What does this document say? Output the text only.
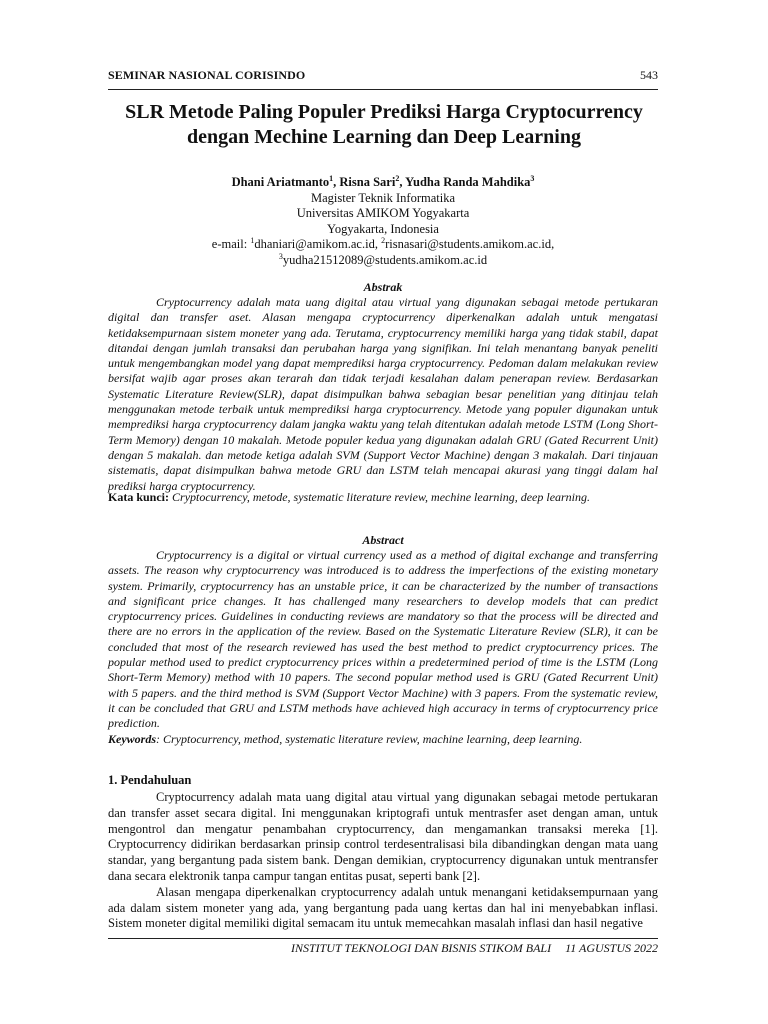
SEMINAR NASIONAL CORISINDO	543
SLR Metode Paling Populer Prediksi Harga Cryptocurrency
dengan Mechine Learning dan Deep Learning
Dhani Ariatmanto$^1$, Risna Sari$^2$, Yudha Randa Mahdika$^3$
Magister Teknik Informatika
Universitas AMIKOM Yogyakarta
Yogyakarta, Indonesia
e-mail: $^1$dhaniari@amikom.ac.id, $^2$risnasari@students.amikom.ac.id,
$^3$yudha21512089@students.amikom.ac.id
Abstrak

Cryptocurrency adalah mata uang digital atau virtual yang digunakan sebagai metode pertukaran digital dan transfer aset. Alasan mengapa cryptocurrency diperkenalkan adalah untuk mengatasi ketidaksempurnaan sistem moneter yang ada. Terutama, cryptocurrency memiliki harga yang tidak stabil, dapat ditandai dengan jumlah transaksi dan perubahan harga yang signifikan. Ini telah menantang banyak peneliti untuk mengembangkan model yang dapat memprediksi harga cryptocurrency. Pedoman dalam melakukan review bersifat wajib agar proses akan terarah dan tidak terjadi kesalahan dalam penerapan review. Berdasarkan Systematic Literature Review(SLR), dapat disimpulkan bahwa sebagian besar penelitian yang ditinjau telah menggunakan metode terbaik untuk memprediksi harga cryptocurrency. Metode yang populer digunakan untuk memprediksi harga cryptocurrency dalam jangka waktu yang telah ditentukan adalah metode LSTM (Long Short-Term Memory) dengan 10 makalah. Metode populer kedua yang digunakan adalah GRU (Gated Recurrent Unit) dengan 5 makalah. dan metode ketiga adalah SVM (Support Vector Machine) dengan 3 makalah. Dari tinjauan sistematis, dapat disimpulkan bahwa metode GRU dan LSTM telah mencapai akurasi yang tinggi dalam hal prediksi harga cryptocurrency.

Kata kunci: Cryptocurrency, metode, systematic literature review, mechine learning, deep learning.

Abstract

Cryptocurrency is a digital or virtual currency used as a method of digital exchange and transferring assets. The reason why cryptocurrency was introduced is to address the imperfections of the existing monetary system. Primarily, cryptocurrency has an unstable price, it can be characterized by the number of transactions and significant price changes. It has challenged many researchers to develop models that can predict cryptocurrency prices. Guidelines in conducting reviews are mandatory so that the process will be directed and there are no errors in the application of the review. Based on the Systematic Literature Review (SLR), it can be concluded that most of the research reviewed has used the best method to predict cryptocurrency prices. The popular method used to predict cryptocurrency prices within a predetermined period of time is the LSTM (Long Short-Term Memory) method with 10 papers. The second popular method used is GRU (Gated Recurrent Unit) with 5 papers. and the third method is SVM (Support Vector Machine) with 3 papers. From the systematic review, it can be concluded that GRU and LSTM methods have achieved high accuracy in terms of cryptocurrency price prediction.

Keywords: Cryptocurrency, method, systematic literature review, machine learning, deep learning.

1. Pendahuluan

Cryptocurrency adalah mata uang digital atau virtual yang digunakan sebagai metode pertukaran dan transfer asset secara digital. Ini menggunakan kriptografi untuk mentrasfer aset dengan aman, untuk mengontrol dan mengatur penambahan cryptocurrency, dan mengamankan transaksi mereka [1]. Cryptocurrency didirikan berdasarkan prinsip control terdesentralisasi bila dibandingkan dengan mata uang standar, yang bergantung pada sistem bank. Dengan demikian, cryptocurrency digunakan untuk mentransfer dana secara elektronik tanpa campur tangan entitas pusat, seperti bank [2].

Alasan mengapa diperkenalkan cryptocurrency adalah untuk menangani ketidaksempurnaan yang ada dalam sistem moneter yang ada, yang bergantung pada uang kertas dan hal ini menyebabkan inflasi. Sistem moneter digital memiliki digital semacam itu untuk memecahkan masalah inflasi dan hasil negative

INSTITUT TEKNOLOGI DAN BISNIS STIKOM BALI 11 AGUSTUS 2022
